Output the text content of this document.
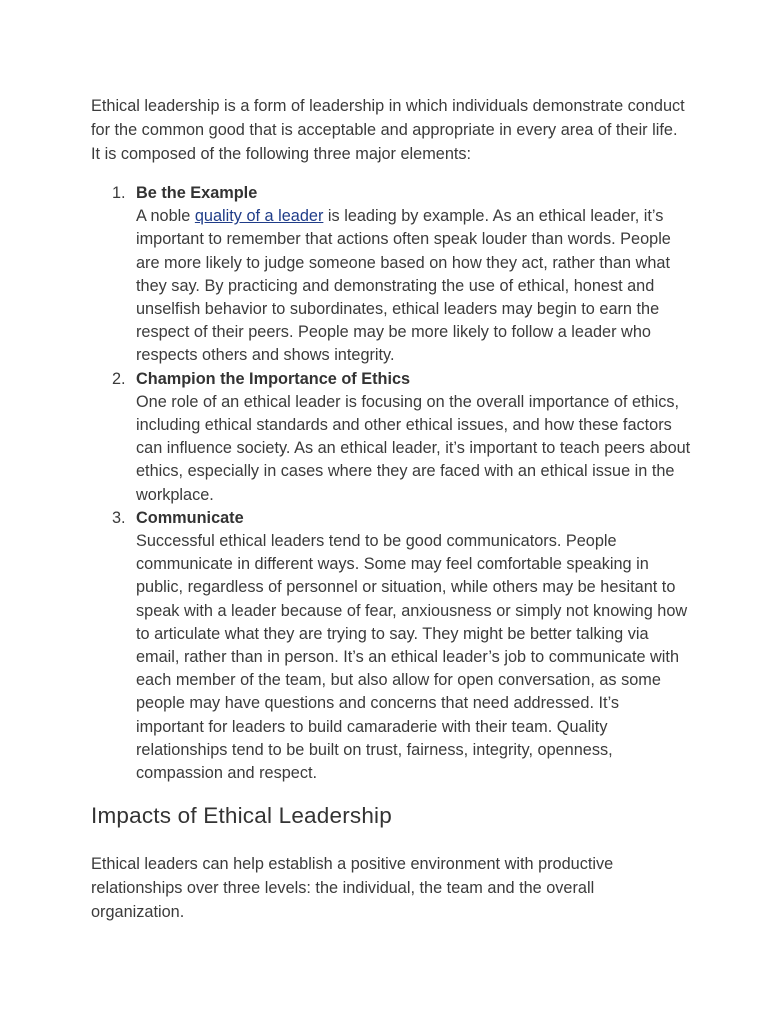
Ethical leadership is a form of leadership in which individuals demonstrate conduct for the common good that is acceptable and appropriate in every area of their life. It is composed of the following three major elements:

1. Be the Example
A noble quality of a leader is leading by example. As an ethical leader, it’s important to remember that actions often speak louder than words. People are more likely to judge someone based on how they act, rather than what they say. By practicing and demonstrating the use of ethical, honest and unselfish behavior to subordinates, ethical leaders may begin to earn the respect of their peers. People may be more likely to follow a leader who respects others and shows integrity.
2. Champion the Importance of Ethics
One role of an ethical leader is focusing on the overall importance of ethics, including ethical standards and other ethical issues, and how these factors can influence society. As an ethical leader, it’s important to teach peers about ethics, especially in cases where they are faced with an ethical issue in the workplace.
3. Communicate
Successful ethical leaders tend to be good communicators. People communicate in different ways. Some may feel comfortable speaking in public, regardless of personnel or situation, while others may be hesitant to speak with a leader because of fear, anxiousness or simply not knowing how to articulate what they are trying to say. They might be better talking via email, rather than in person. It’s an ethical leader’s job to communicate with each member of the team, but also allow for open conversation, as some people may have questions and concerns that need addressed. It’s important for leaders to build camaraderie with their team. Quality relationships tend to be built on trust, fairness, integrity, openness, compassion and respect.
Impacts of Ethical Leadership

Ethical leaders can help establish a positive environment with productive relationships over three levels: the individual, the team and the overall organization.
